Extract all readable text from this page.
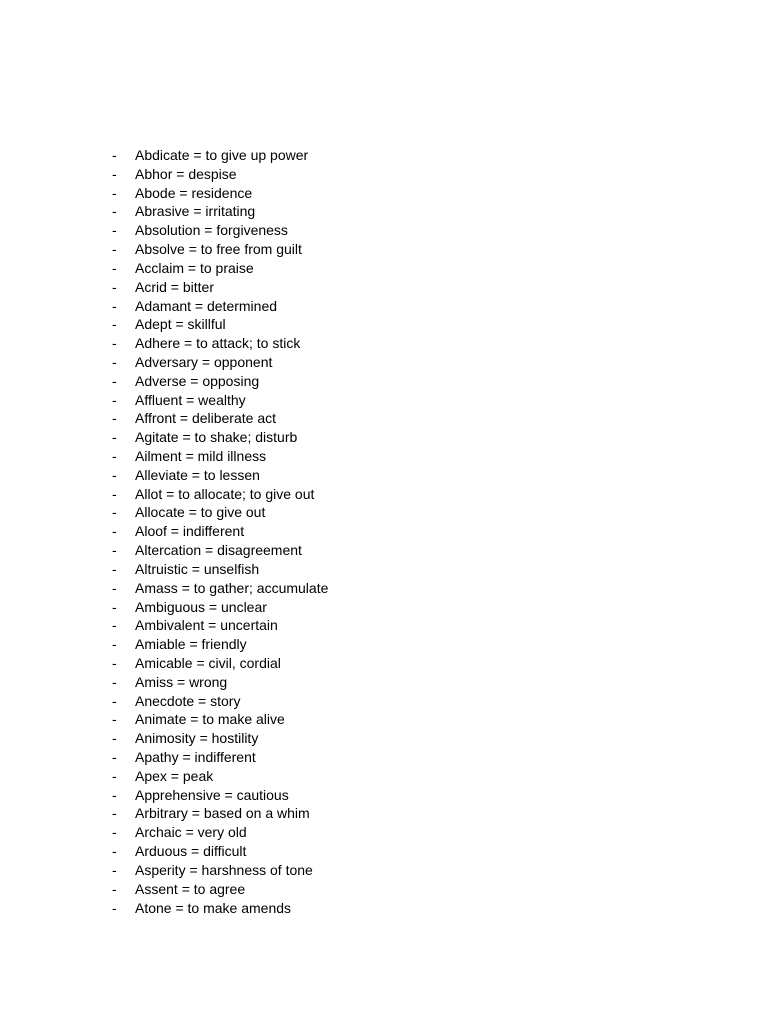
-	Abdicate = to give up power
-	Abhor = despise
-	Abode = residence
-	Abrasive = irritating
-	Absolution = forgiveness
-	Absolve = to free from guilt
-	Acclaim = to praise
-	Acrid = bitter
-	Adamant = determined
-	Adept = skillful
-	Adhere = to attack; to stick
-	Adversary = opponent
-	Adverse = opposing
-	Affluent = wealthy
-	Affront = deliberate act
-	Agitate = to shake; disturb
-	Ailment = mild illness
-	Alleviate = to lessen
-	Allot = to allocate; to give out
-	Allocate = to give out
-	Aloof = indifferent
-	Altercation = disagreement
-	Altruistic = unselfish
-	Amass = to gather; accumulate
-	Ambiguous = unclear
-	Ambivalent = uncertain
-	Amiable = friendly
-	Amicable = civil, cordial
-	Amiss = wrong
-	Anecdote = story
-	Animate = to make alive
-	Animosity = hostility
-	Apathy = indifferent
-	Apex = peak
-	Apprehensive = cautious
-	Arbitrary = based on a whim
-	Archaic = very old
-	Arduous = difficult
-	Asperity = harshness of tone
-	Assent = to agree
-	Atone = to make amends
